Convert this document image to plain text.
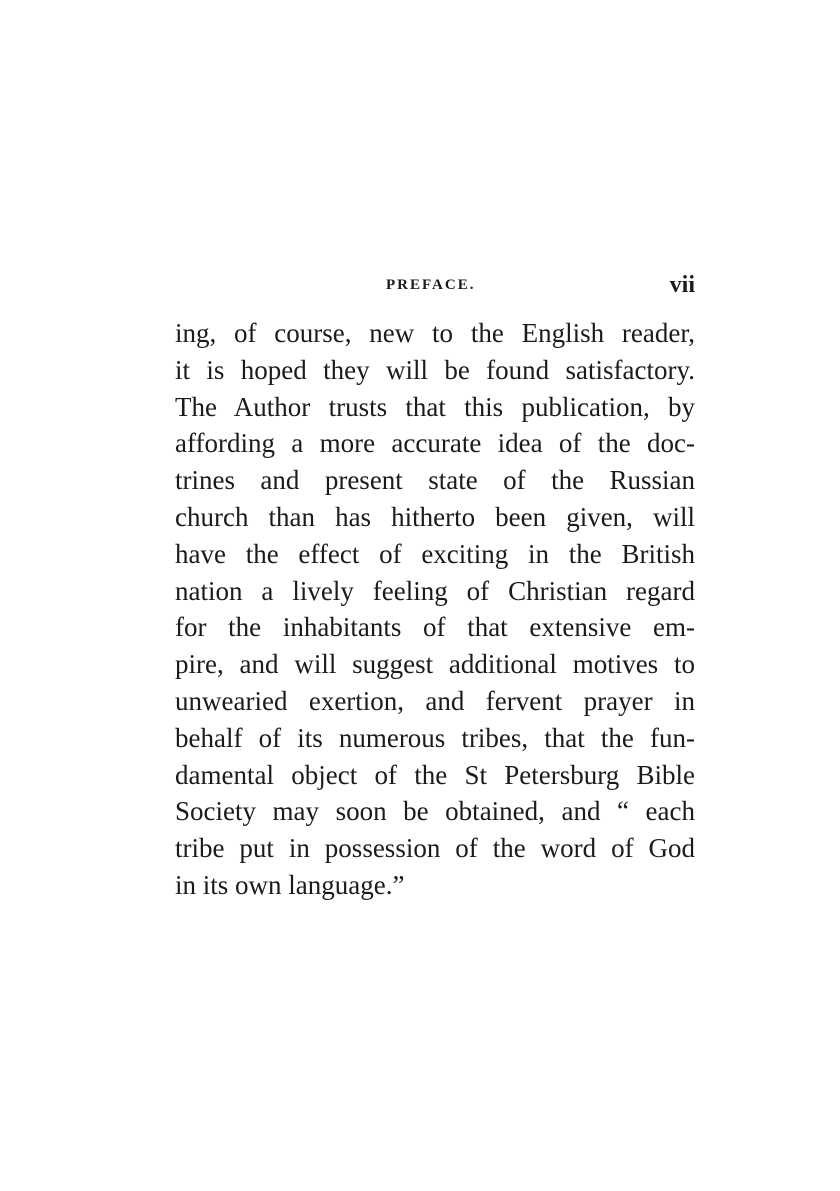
PREFACE.	vii
ing, of course, new to the English reader,
it is hoped they will be found satisfactory.
The Author trusts that this publication, by
affording a more accurate idea of the doc-
trines and present state of the Russian
church than has hitherto been given, will
have the effect of exciting in the British
nation a lively feeling of Christian regard
for the inhabitants of that extensive em-
pire, and will suggest additional motives to
unwearied exertion, and fervent prayer in
behalf of its numerous tribes, that the fun-
damental object of the St Petersburg Bible
Society may soon be obtained, and “ each
tribe put in possession of the word of God
in its own language.”
